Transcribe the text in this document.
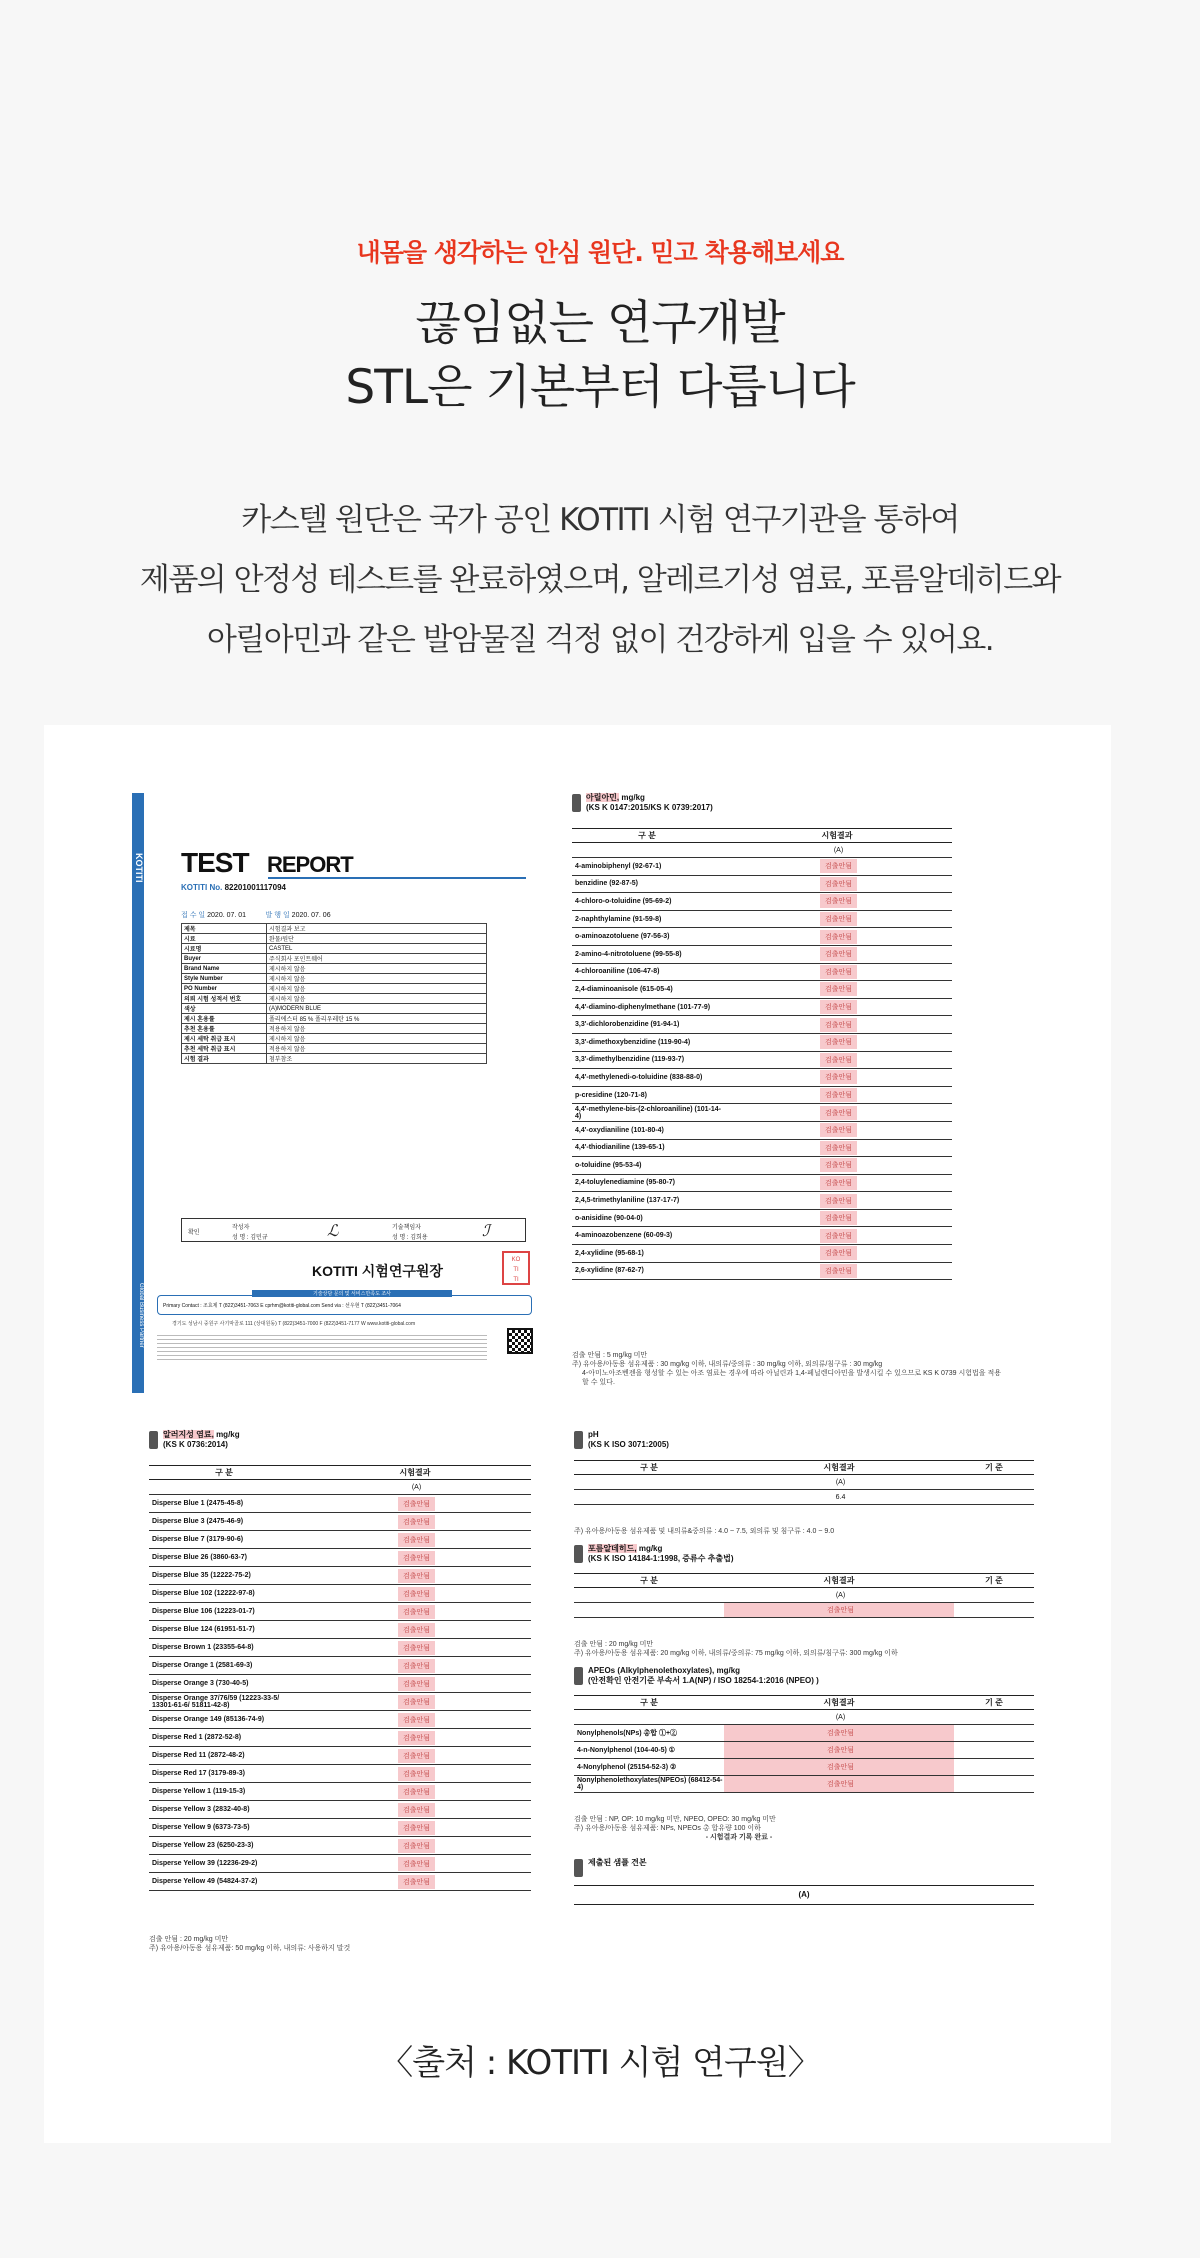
내몸을 생각하는 안심 원단. 믿고 착용해보세요
끊임없는 연구개발
STL은 기본부터 다릅니다
카스텔 원단은 국가 공인 KOTITI 시험 연구기관을 통하여
제품의 안정성 테스트를 완료하였으며, 알레르기성 염료, 포름알데히드와
아릴아민과 같은 발암물질 걱정 없이 건강하게 입을 수 있어요.
KOTITI
Global Business Partner
TEST REPORT
KOTITI No. 82201001117094
접 수 일 2020. 07. 01	발 행 일 2020. 07. 06
제목	시험결과 보고
시료	완물/원단
시료명	CASTEL
Buyer	주식회사 포인트웨어
Brand Name	제시하지 않음
Style Number	제시하지 않음
PO Number	제시하지 않음
의뢰 시험 성적서 번호	제시하지 않음
색상	(A)MODERN BLUE
제시 혼용률	폴리에스터 85 % 폴리우레탄 15 %
추천 혼용률	적용하지 않음
제시 세탁 취급 표시	제시하지 않음
추천 세탁 취급 표시	적용하지 않음
시험 결과	첨부참조
확인
작성자
성 명 : 김민규	ℒ	기술책임자
성 명 : 김희용	ℐ
KOTITI 시험연구원장
KO
TI
TI
Primary Contact : 조효제 T (822)3451-7063 E cprhm@kotiti-global.com Send via : 선우현 T (822)3451-7064
기술상담 문의 및 서비스만족도 조사
경기도 성남시 중원구 사기막골로 111 (상대원동) T (822)3451-7000 F (822)3451-7177 W www.kotiti-global.com
아릴아민, mg/kg
(KS K 0147:2015/KS K 0739:2017)
구 분	시험결과
	(A)
4-aminobiphenyl (92-67-1)	검출안됨
benzidine (92-87-5)	검출안됨
4-chloro-o-toluidine (95-69-2)	검출안됨
2-naphthylamine (91-59-8)	검출안됨
o-aminoazotoluene (97-56-3)	검출안됨
2-amino-4-nitrotoluene (99-55-8)	검출안됨
4-chloroaniline (106-47-8)	검출안됨
2,4-diaminoanisole (615-05-4)	검출안됨
4,4'-diamino-diphenylmethane (101-77-9)	검출안됨
3,3'-dichlorobenzidine (91-94-1)	검출안됨
3,3'-dimethoxybenzidine (119-90-4)	검출안됨
3,3'-dimethylbenzidine (119-93-7)	검출안됨
4,4'-methylenedi-o-toluidine (838-88-0)	검출안됨
p-cresidine (120-71-8)	검출안됨
4,4'-methylene-bis-(2-chloroaniline) (101-14-4)	검출안됨
4,4'-oxydianiline (101-80-4)	검출안됨
4,4'-thiodianiline (139-65-1)	검출안됨
o-toluidine (95-53-4)	검출안됨
2,4-toluylenediamine (95-80-7)	검출안됨
2,4,5-trimethylaniline (137-17-7)	검출안됨
o-anisidine (90-04-0)	검출안됨
4-aminoazobenzene (60-09-3)	검출안됨
2,4-xylidine (95-68-1)	검출안됨
2,6-xylidine (87-62-7)	검출안됨
검출 안됨 : 5 mg/kg 미만
주) 유아용/아동용 섬유제품 : 30 mg/kg 이하, 내의류/중의류 : 30 mg/kg 이하, 외의류/침구류 : 30 mg/kg
4-아미노아조벤젠을 형성할 수 있는 아조 염료는 경우에 따라 아닐린과 1,4-페닐렌디아민을 발생시킬 수 있으므로 KS K 0739 시험법을 적용할 수 있다.
알러지성 염료, mg/kg
(KS K 0736:2014)
구 분	시험결과
	(A)
Disperse Blue 1 (2475-45-8)	검출안됨
Disperse Blue 3 (2475-46-9)	검출안됨
Disperse Blue 7 (3179-90-6)	검출안됨
Disperse Blue 26 (3860-63-7)	검출안됨
Disperse Blue 35 (12222-75-2)	검출안됨
Disperse Blue 102 (12222-97-8)	검출안됨
Disperse Blue 106 (12223-01-7)	검출안됨
Disperse Blue 124 (61951-51-7)	검출안됨
Disperse Brown 1 (23355-64-8)	검출안됨
Disperse Orange 1 (2581-69-3)	검출안됨
Disperse Orange 3 (730-40-5)	검출안됨
Disperse Orange 37/76/59 (12223-33-5/ 13301-61-6/ 51811-42-8)	검출안됨
Disperse Orange 149 (85136-74-9)	검출안됨
Disperse Red 1 (2872-52-8)	검출안됨
Disperse Red 11 (2872-48-2)	검출안됨
Disperse Red 17 (3179-89-3)	검출안됨
Disperse Yellow 1 (119-15-3)	검출안됨
Disperse Yellow 3 (2832-40-8)	검출안됨
Disperse Yellow 9 (6373-73-5)	검출안됨
Disperse Yellow 23 (6250-23-3)	검출안됨
Disperse Yellow 39 (12236-29-2)	검출안됨
Disperse Yellow 49 (54824-37-2)	검출안됨
검출 안됨 : 20 mg/kg 미만
주) 유아용/아동용 섬유제품: 50 mg/kg 이하, 내의류: 사용하지 말것
pH
(KS K ISO 3071:2005)
구 분	시험결과	기 준
	(A)	
	6.4	
주) 유아용/아동용 섬유제품 및 내의류&중의류 : 4.0 ~ 7.5, 외의류 및 침구류 : 4.0 ~ 9.0
포름알데히드, mg/kg
(KS K ISO 14184-1:1998, 증류수 추출법)
구 분	시험결과	기 준
	(A)	
	검출안됨	
검출 안됨 : 20 mg/kg 미만
주) 유아용/아동용 섬유제품: 20 mg/kg 이하, 내의류/중의류: 75 mg/kg 이하, 외의류/침구류: 300 mg/kg 이하
APEOs (Alkylphenolethoxylates), mg/kg
(안전확인 안전기준 부속서 1.A(NP) / ISO 18254-1:2016 (NPEO) )
구 분	시험결과	기 준
	(A)	
Nonylphenols(NPs) 총합 ①+②	검출안됨	
4-n-Nonylphenol (104-40-5) ①	검출안됨	
4-Nonylphenol (25154-52-3) ②	검출안됨	
Nonylphenolethoxylates(NPEOs) (68412-54-4)	검출안됨	
검출 안됨 : NP, OP: 10 mg/kg 미만, NPEO, OPEO: 30 mg/kg 미만
주) 유아용/아동용 섬유제품: NPs, NPEOs 총 합유량 100 이하
- 시험결과 기록 완료 -
제출된 샘플 견본
(A)
〈출처 : KOTITI 시험 연구원〉
